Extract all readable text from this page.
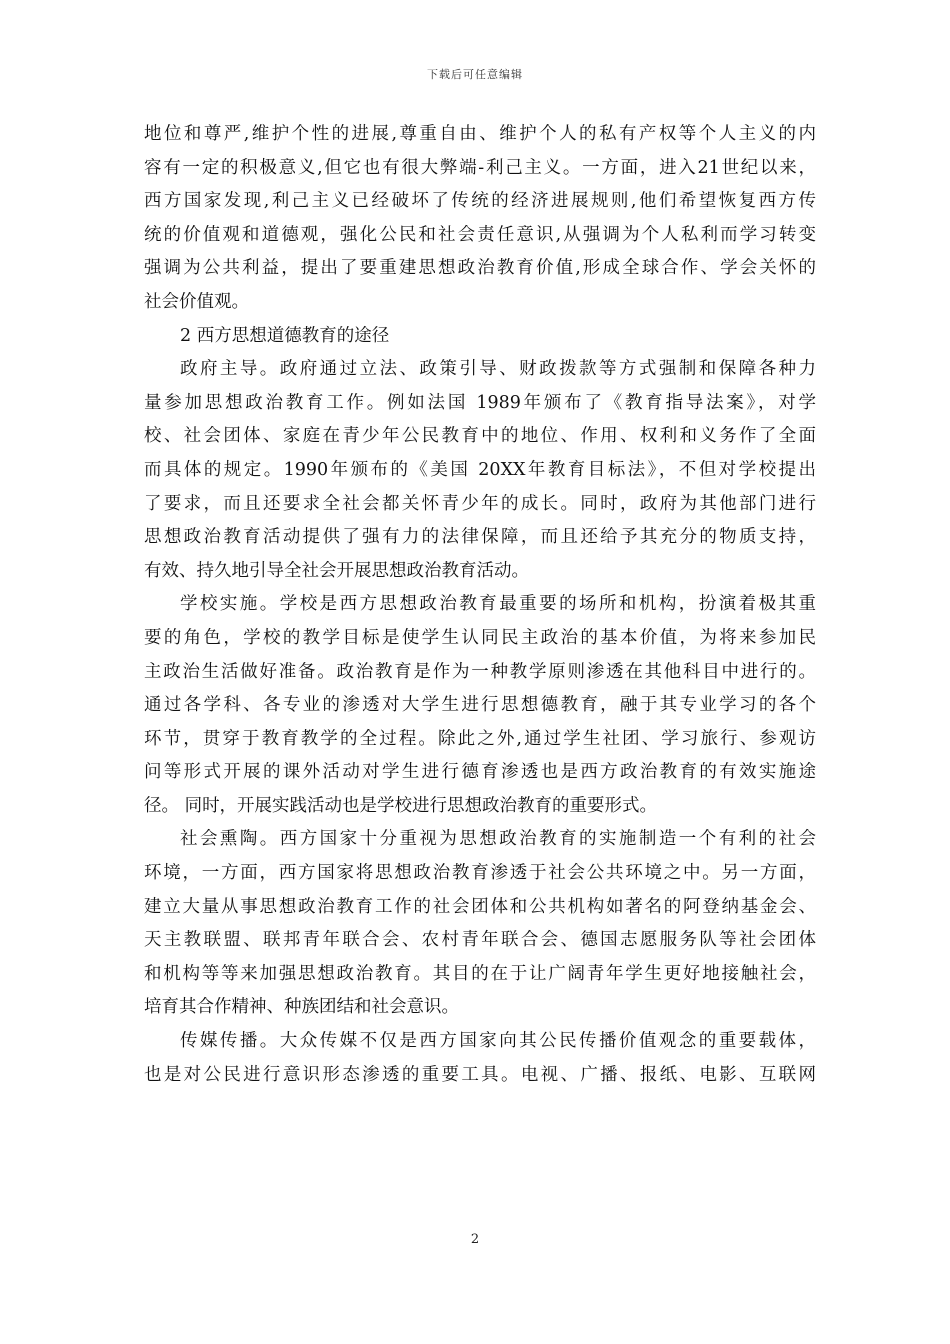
下载后可任意编辑
地位和尊严,维护个性的进展,尊重自由、维护个人的私有产权等个人主义的内
容有一定的积极意义,但它也有很大弊端-利己主义。一方面，进入21世纪以来，
西方国家发现,利己主义已经破坏了传统的经济进展规则,他们希望恢复西方传
统的价值观和道德观，强化公民和社会责任意识,从强调为个人私利而学习转变
强调为公共利益，提出了要重建思想政治教育价值,形成全球合作、学会关怀的
社会价值观。
2 西方思想道德教育的途径
政府主导。政府通过立法、政策引导、财政拨款等方式强制和保障各种力
量参加思想政治教育工作。例如法国 1989年颁布了《教育指导法案》，对学
校、社会团体、家庭在青少年公民教育中的地位、作用、权利和义务作了全面
而具体的规定。1990年颁布的《美国 20XX年教育目标法》，不但对学校提出
了要求，而且还要求全社会都关怀青少年的成长。同时，政府为其他部门进行
思想政治教育活动提供了强有力的法律保障，而且还给予其充分的物质支持，
有效、持久地引导全社会开展思想政治教育活动。
学校实施。学校是西方思想政治教育最重要的场所和机构，扮演着极其重
要的角色，学校的教学目标是使学生认同民主政治的基本价值，为将来参加民
主政治生活做好准备。政治教育是作为一种教学原则渗透在其他科目中进行的。
通过各学科、各专业的渗透对大学生进行思想德教育，融于其专业学习的各个
环节，贯穿于教育教学的全过程。除此之外,通过学生社团、学习旅行、参观访
问等形式开展的课外活动对学生进行德育渗透也是西方政治教育的有效实施途
径。 同时，开展实践活动也是学校进行思想政治教育的重要形式。
社会熏陶。西方国家十分重视为思想政治教育的实施制造一个有利的社会
环境，一方面，西方国家将思想政治教育渗透于社会公共环境之中。另一方面，
建立大量从事思想政治教育工作的社会团体和公共机构如著名的阿登纳基金会、
天主教联盟、联邦青年联合会、农村青年联合会、德国志愿服务队等社会团体
和机构等等来加强思想政治教育。其目的在于让广阔青年学生更好地接触社会，
培育其合作精神、种族团结和社会意识。
传媒传播。大众传媒不仅是西方国家向其公民传播价值观念的重要载体，
也是对公民进行意识形态渗透的重要工具。电视、广播、报纸、电影、互联网
2
